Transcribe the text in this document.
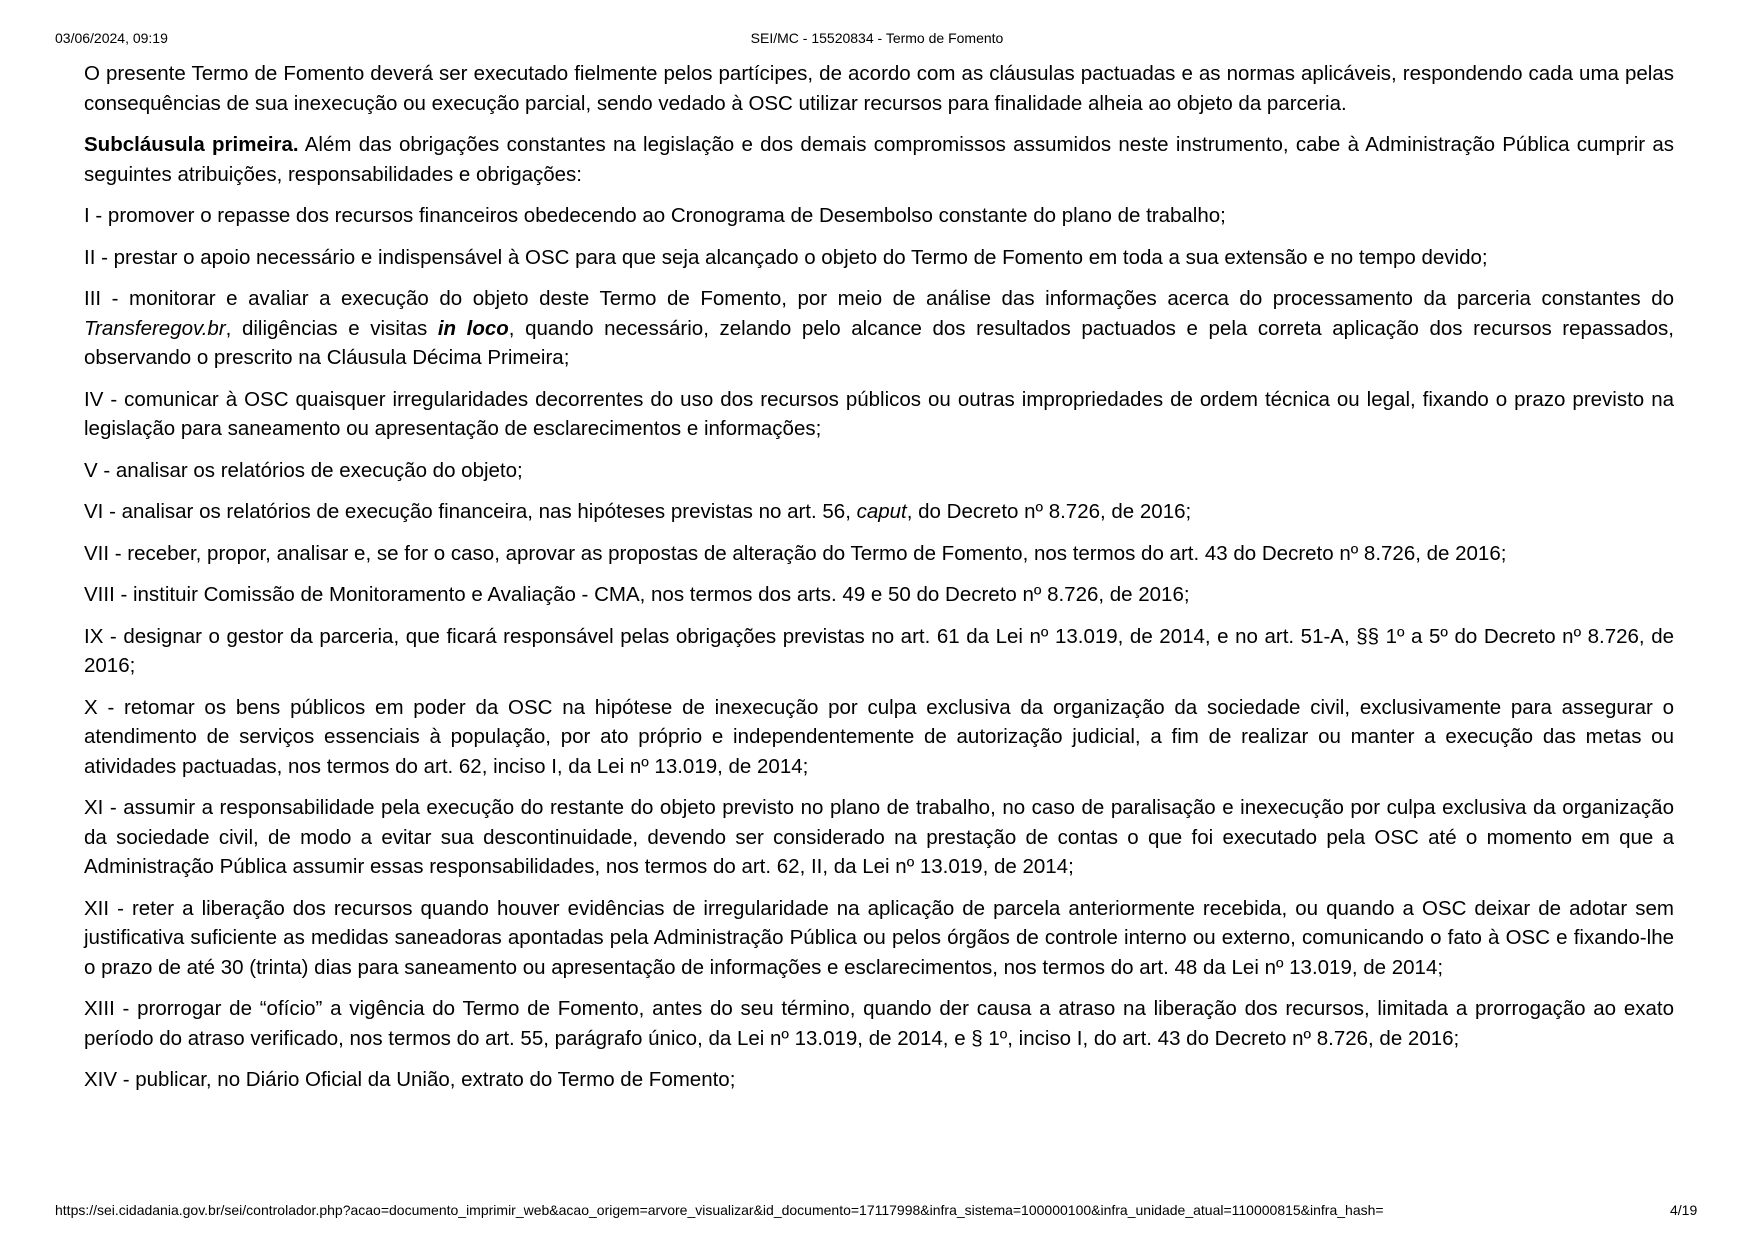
03/06/2024, 09:19	SEI/MC - 15520834 - Termo de Fomento

O presente Termo de Fomento deverá ser executado fielmente pelos partícipes, de acordo com as cláusulas pactuadas e as normas aplicáveis, respondendo cada uma pelas consequências de sua inexecução ou execução parcial, sendo vedado à OSC utilizar recursos para finalidade alheia ao objeto da parceria.

Subcláusula primeira. Além das obrigações constantes na legislação e dos demais compromissos assumidos neste instrumento, cabe à Administração Pública cumprir as seguintes atribuições, responsabilidades e obrigações:

I - promover o repasse dos recursos financeiros obedecendo ao Cronograma de Desembolso constante do plano de trabalho;

II - prestar o apoio necessário e indispensável à OSC para que seja alcançado o objeto do Termo de Fomento em toda a sua extensão e no tempo devido;

III - monitorar e avaliar a execução do objeto deste Termo de Fomento, por meio de análise das informações acerca do processamento da parceria constantes do Transferegov.br, diligências e visitas in loco, quando necessário, zelando pelo alcance dos resultados pactuados e pela correta aplicação dos recursos repassados, observando o prescrito na Cláusula Décima Primeira;

IV - comunicar à OSC quaisquer irregularidades decorrentes do uso dos recursos públicos ou outras impropriedades de ordem técnica ou legal, fixando o prazo previsto na legislação para saneamento ou apresentação de esclarecimentos e informações;

V - analisar os relatórios de execução do objeto;

VI - analisar os relatórios de execução financeira, nas hipóteses previstas no art. 56, caput, do Decreto nº 8.726, de 2016;

VII - receber, propor, analisar e, se for o caso, aprovar as propostas de alteração do Termo de Fomento, nos termos do art. 43 do Decreto nº 8.726, de 2016;

VIII - instituir Comissão de Monitoramento e Avaliação - CMA, nos termos dos arts. 49 e 50 do Decreto nº 8.726, de 2016;

IX - designar o gestor da parceria, que ficará responsável pelas obrigações previstas no art. 61 da Lei nº 13.019, de 2014, e no art. 51-A, §§ 1º a 5º do Decreto nº 8.726, de 2016;

X - retomar os bens públicos em poder da OSC na hipótese de inexecução por culpa exclusiva da organização da sociedade civil, exclusivamente para assegurar o atendimento de serviços essenciais à população, por ato próprio e independentemente de autorização judicial, a fim de realizar ou manter a execução das metas ou atividades pactuadas, nos termos do art. 62, inciso I, da Lei nº 13.019, de 2014;

XI - assumir a responsabilidade pela execução do restante do objeto previsto no plano de trabalho, no caso de paralisação e inexecução por culpa exclusiva da organização da sociedade civil, de modo a evitar sua descontinuidade, devendo ser considerado na prestação de contas o que foi executado pela OSC até o momento em que a Administração Pública assumir essas responsabilidades, nos termos do art. 62, II, da Lei nº 13.019, de 2014;

XII - reter a liberação dos recursos quando houver evidências de irregularidade na aplicação de parcela anteriormente recebida, ou quando a OSC deixar de adotar sem justificativa suficiente as medidas saneadoras apontadas pela Administração Pública ou pelos órgãos de controle interno ou externo, comunicando o fato à OSC e fixando-lhe o prazo de até 30 (trinta) dias para saneamento ou apresentação de informações e esclarecimentos, nos termos do art. 48 da Lei nº 13.019, de 2014;

XIII - prorrogar de “ofício” a vigência do Termo de Fomento, antes do seu término, quando der causa a atraso na liberação dos recursos, limitada a prorrogação ao exato período do atraso verificado, nos termos do art. 55, parágrafo único, da Lei nº 13.019, de 2014, e § 1º, inciso I, do art. 43 do Decreto nº 8.726, de 2016;

XIV - publicar, no Diário Oficial da União, extrato do Termo de Fomento;

https://sei.cidadania.gov.br/sei/controlador.php?acao=documento_imprimir_web&acao_origem=arvore_visualizar&id_documento=17117998&infra_sistema=100000100&infra_unidade_atual=110000815&infra_hash=	4/19
